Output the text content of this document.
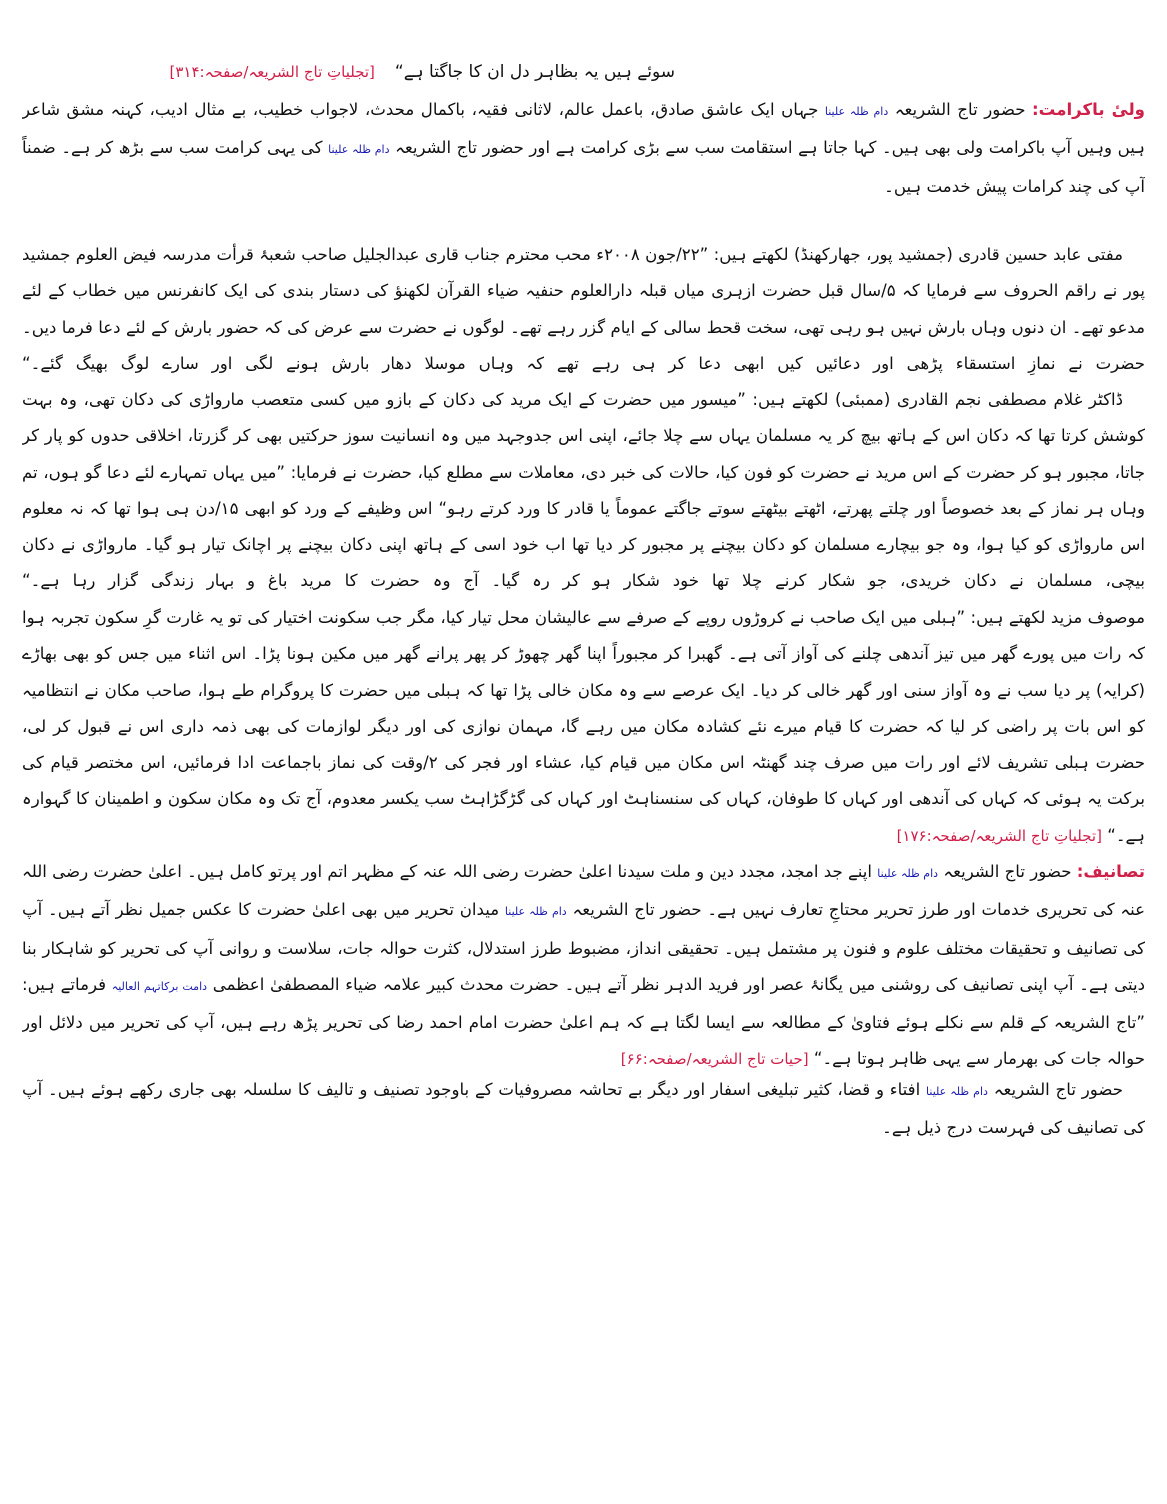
سوئے ہیں یہ بظاہر دل ان کا جاگتا ہے“
[تجلیاتِ تاج الشریعہ/صفحہ:۳۱۴]

ولیٔ باکرامت: حضور تاج الشریعہ دام ظلہ علینا جہاں ایک عاشق صادق، باعمل عالم، لاثانی فقیہ، باکمال محدث، لاجواب خطیب، بے مثال ادیب، کہنہ مشق شاعر ہیں وہیں آپ باکرامت ولی بھی ہیں۔ کہا جاتا ہے استقامت سب سے بڑی کرامت ہے اور حضور تاج الشریعہ دام ظلہ علینا کی یہی کرامت سب سے بڑھ کر ہے۔ ضمناً آپ کی چند کرامات پیش خدمت ہیں۔

مفتی عابد حسین قادری (جمشید پور، جھارکھنڈ) لکھتے ہیں: ”۲۲/جون ۲۰۰۸ء محب محترم جناب قاری عبدالجلیل صاحب شعبۂ قرأت مدرسہ فیض العلوم جمشید پور نے راقم الحروف سے فرمایا کہ ۵/سال قبل حضرت ازہری میاں قبلہ دارالعلوم حنفیہ ضیاء القرآن لکھنؤ کی دستار بندی کی ایک کانفرنس میں خطاب کے لئے مدعو تھے۔ ان دنوں وہاں بارش نہیں ہو رہی تھی، سخت قحط سالی کے ایام گزر رہے تھے۔ لوگوں نے حضرت سے عرض کی کہ حضور بارش کے لئے دعا فرما دیں۔ حضرت نے نمازِ استسقاء پڑھی اور دعائیں کیں ابھی دعا کر ہی رہے تھے کہ وہاں موسلا دھار بارش ہونے لگی اور سارے لوگ بھیگ گئے۔“

ڈاکٹر غلام مصطفی نجم القادری (ممبئی) لکھتے ہیں: ”میسور میں حضرت کے ایک مرید کی دکان کے بازو میں کسی متعصب مارواڑی کی دکان تھی، وہ بہت کوشش کرتا تھا کہ دکان اس کے ہاتھ بیچ کر یہ مسلمان یہاں سے چلا جائے، اپنی اس جدوجہد میں وہ انسانیت سوز حرکتیں بھی کر گزرتا، اخلاقی حدوں کو پار کر جاتا، مجبور ہو کر حضرت کے اس مرید نے حضرت کو فون کیا، حالات کی خبر دی، معاملات سے مطلع کیا، حضرت نے فرمایا: ”میں یہاں تمہارے لئے دعا گو ہوں، تم وہاں ہر نماز کے بعد خصوصاً اور چلتے پھرتے، اٹھتے بیٹھتے سوتے جاگتے عموماً یا قادر کا ورد کرتے رہو“ اس وظیفے کے ورد کو ابھی ۱۵/دن ہی ہوا تھا کہ نہ معلوم اس مارواڑی کو کیا ہوا، وہ جو بیچارے مسلمان کو دکان بیچنے پر مجبور کر دیا تھا اب خود اسی کے ہاتھ اپنی دکان بیچنے پر اچانک تیار ہو گیا۔ مارواڑی نے دکان بیچی، مسلمان نے دکان خریدی، جو شکار کرنے چلا تھا خود شکار ہو کر رہ گیا۔ آج وہ حضرت کا مرید باغ و بہار زندگی گزار رہا ہے۔“

موصوف مزید لکھتے ہیں: ”ہبلی میں ایک صاحب نے کروڑوں روپے کے صرفے سے عالیشان محل تیار کیا، مگر جب سکونت اختیار کی تو یہ غارت گرِ سکون تجربہ ہوا کہ رات میں پورے گھر میں تیز آندھی چلنے کی آواز آتی ہے۔ گھبرا کر مجبوراً اپنا گھر چھوڑ کر پھر پرانے گھر میں مکین ہونا پڑا۔ اس اثناء میں جس کو بھی بھاڑے (کرایہ) پر دیا سب نے وہ آواز سنی اور گھر خالی کر دیا۔ ایک عرصے سے وہ مکان خالی پڑا تھا کہ ہبلی میں حضرت کا پروگرام طے ہوا، صاحب مکان نے انتظامیہ کو اس بات پر راضی کر لیا کہ حضرت کا قیام میرے نئے کشادہ مکان میں رہے گا، مہمان نوازی کی اور دیگر لوازمات کی بھی ذمہ داری اس نے قبول کر لی، حضرت ہبلی تشریف لائے اور رات میں صرف چند گھنٹہ اس مکان میں قیام کیا، عشاء اور فجر کی ۲/وقت کی نماز باجماعت ادا فرمائیں، اس مختصر قیام کی برکت یہ ہوئی کہ کہاں کی آندھی اور کہاں کا طوفان، کہاں کی سنسناہٹ اور کہاں کی گڑگڑاہٹ سب یکسر معدوم، آج تک وہ مکان سکون و اطمینان کا گہوارہ ہے۔“ [تجلیاتِ تاج الشریعہ/صفحہ:۱۷۶]

تصانیف: حضور تاج الشریعہ دام ظلہ علینا اپنے جد امجد، مجدد دین و ملت سیدنا اعلیٰ حضرت رضی اللہ عنہ کے مظہر اتم اور پرتو کامل ہیں۔ اعلیٰ حضرت رضی اللہ عنہ کی تحریری خدمات اور طرز تحریر محتاجِ تعارف نہیں ہے۔ حضور تاج الشریعہ دام ظلہ علینا میدان تحریر میں بھی اعلیٰ حضرت کا عکس جمیل نظر آتے ہیں۔ آپ کی تصانیف و تحقیقات مختلف علوم و فنون پر مشتمل ہیں۔ تحقیقی انداز، مضبوط طرز استدلال، کثرت حوالہ جات، سلاست و روانی آپ کی تحریر کو شاہکار بنا دیتی ہے۔ آپ اپنی تصانیف کی روشنی میں یگانۂ عصر اور فرید الدہر نظر آتے ہیں۔ حضرت محدث کبیر علامہ ضیاء المصطفیٰ اعظمی دامت برکاتہم العالیہ فرماتے ہیں: ”تاج الشریعہ کے قلم سے نکلے ہوئے فتاویٰ کے مطالعہ سے ایسا لگتا ہے کہ ہم اعلیٰ حضرت امام احمد رضا کی تحریر پڑھ رہے ہیں، آپ کی تحریر میں دلائل اور حوالہ جات کی بھرمار سے یہی ظاہر ہوتا ہے۔“ [حیات تاج الشریعہ/صفحہ:۶۶]

حضور تاج الشریعہ دام ظلہ علینا افتاء و قضا، کثیر تبلیغی اسفار اور دیگر بے تحاشہ مصروفیات کے باوجود تصنیف و تالیف کا سلسلہ بھی جاری رکھے ہوئے ہیں۔ آپ کی تصانیف کی فہرست درج ذیل ہے۔
